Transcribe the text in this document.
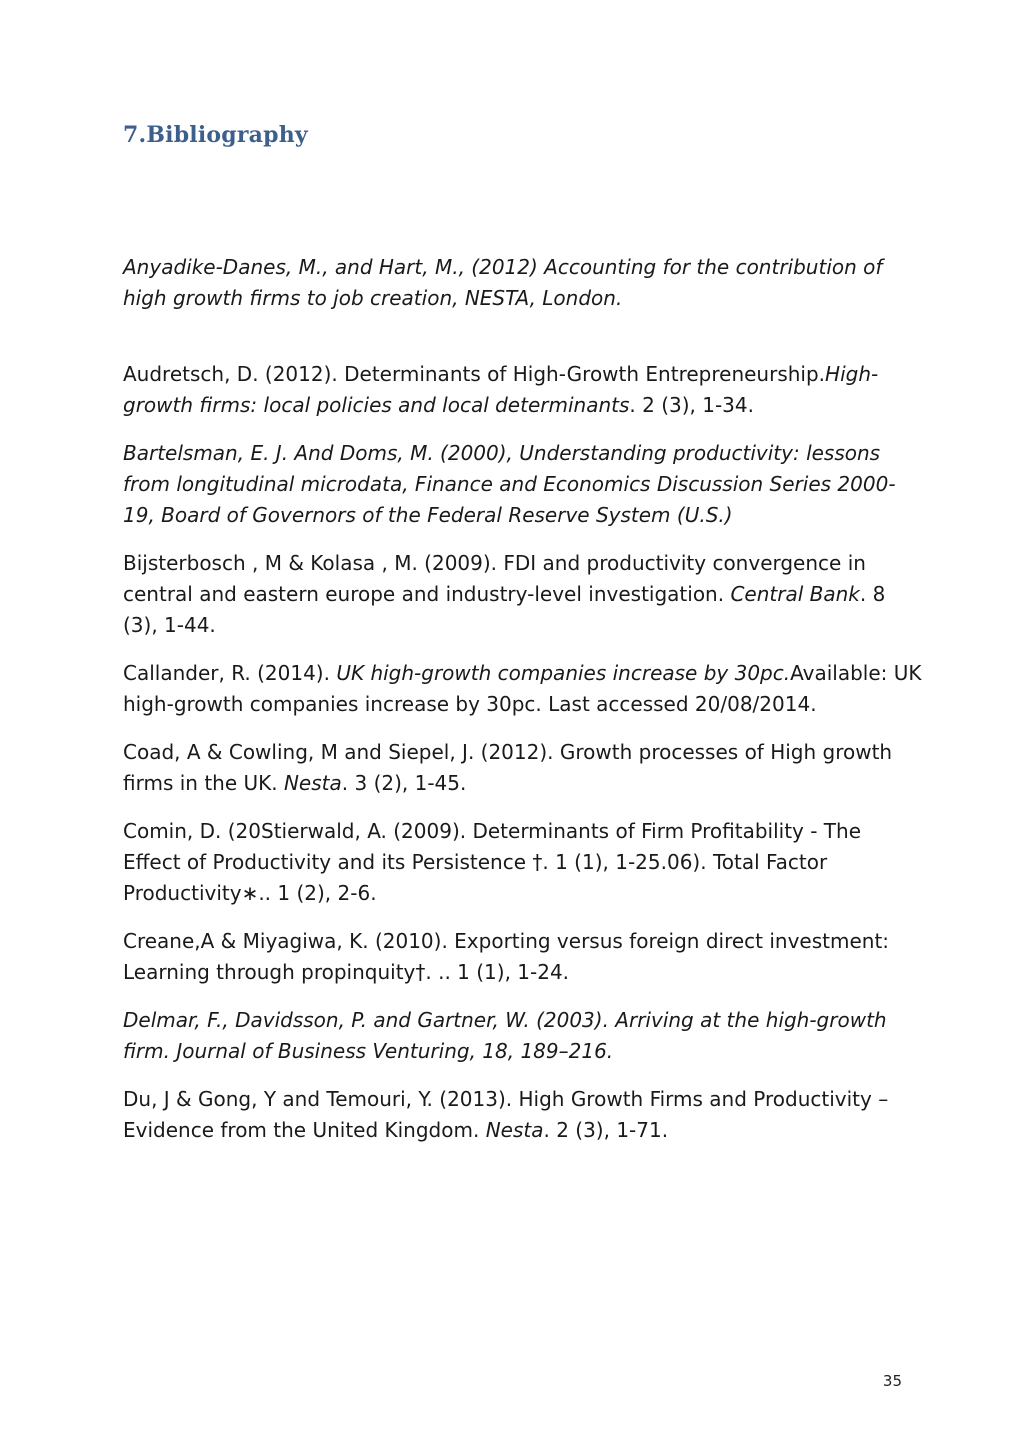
7.Bibliography
Anyadike-Danes, M., and Hart, M., (2012) Accounting for the contribution of high growth firms to job creation, NESTA, London.
Audretsch, D. (2012). Determinants of High-Growth Entrepreneurship.High-growth firms: local policies and local determinants. 2 (3), 1-34.
Bartelsman, E. J. And Doms, M. (2000), Understanding productivity: lessons from longitudinal microdata, Finance and Economics Discussion Series 2000-19, Board of Governors of the Federal Reserve System (U.S.)
Bijsterbosch , M & Kolasa , M. (2009). FDI and productivity convergence in central and eastern europe and industry-level investigation. Central Bank. 8 (3), 1-44.
Callander, R. (2014). UK high-growth companies increase by 30pc.Available: UK high-growth companies increase by 30pc. Last accessed 20/08/2014.
Coad, A & Cowling, M and Siepel, J. (2012). Growth processes of High growth firms in the UK. Nesta. 3 (2), 1-45.
Comin, D. (20Stierwald, A. (2009). Determinants of Firm Profitability - The Effect of Productivity and its Persistence †. 1 (1), 1-25.06). Total Factor Productivity∗.. 1 (2), 2-6.
Creane,A & Miyagiwa, K. (2010). Exporting versus foreign direct investment: Learning through propinquity†. .. 1 (1), 1-24.
Delmar, F., Davidsson, P. and Gartner, W. (2003). Arriving at the high-growth firm. Journal of Business Venturing, 18, 189–216.
Du, J & Gong, Y and Temouri, Y. (2013). High Growth Firms and Productivity – Evidence from the United Kingdom. Nesta. 2 (3), 1-71.
35
